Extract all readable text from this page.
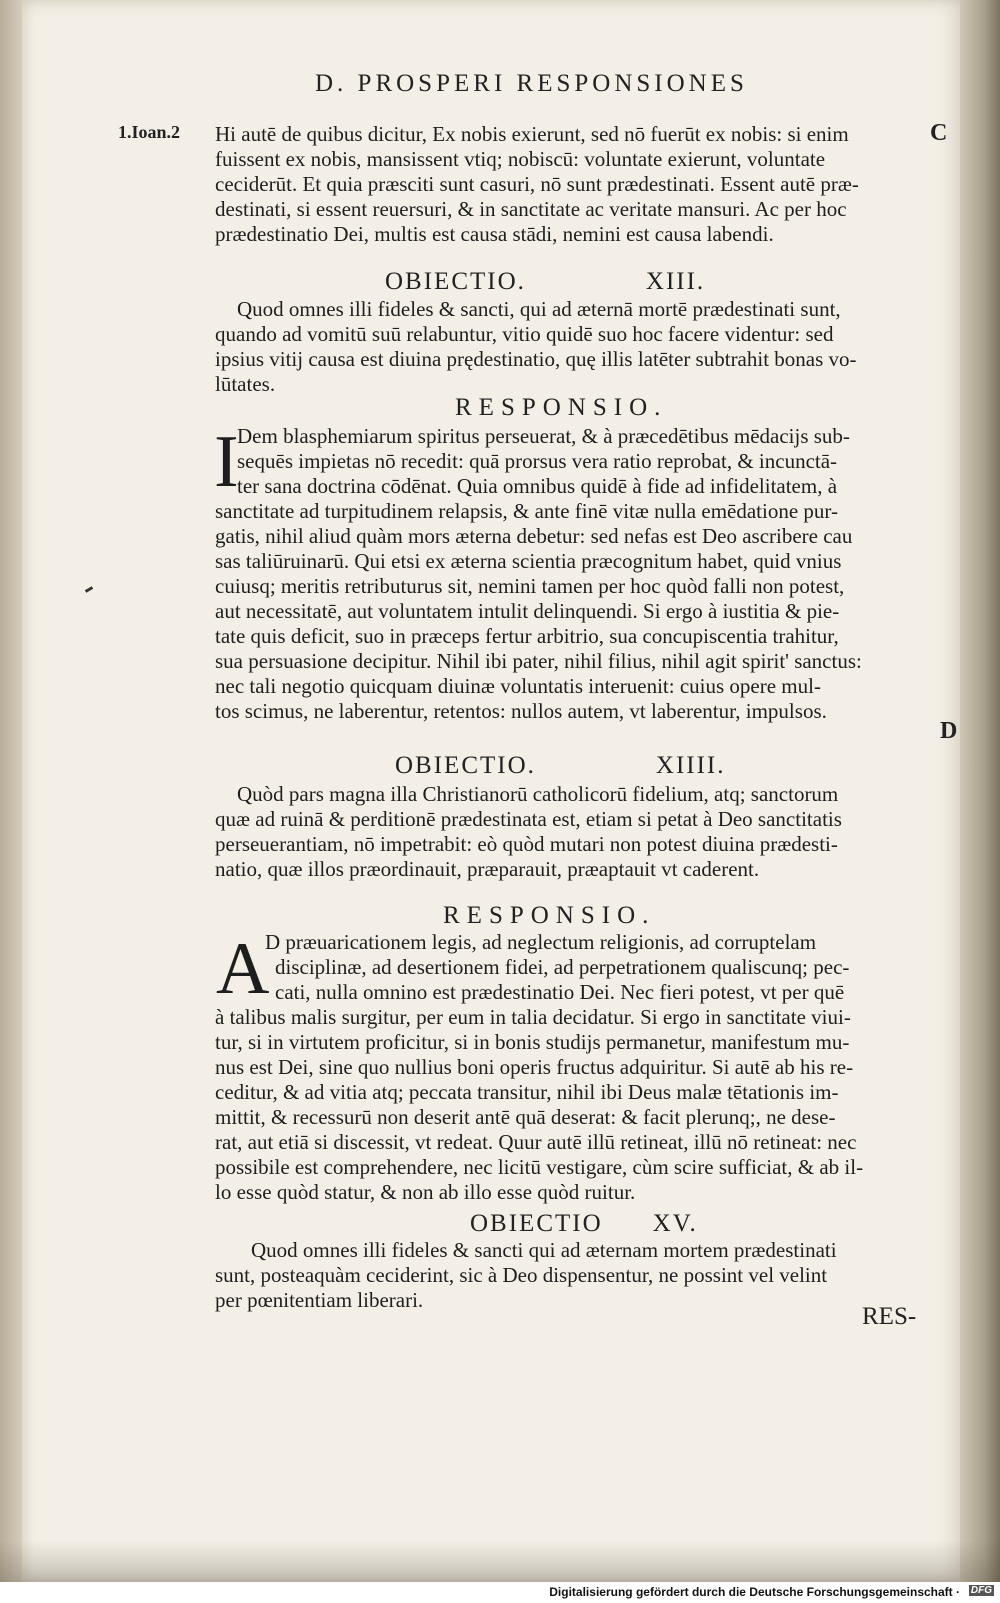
D. PROSPERI RESPONSIONES
1.Ioan.2	C
D
Hi autē de quibus dicitur, Ex nobis exierunt, sed nō fuerūt ex nobis: si enim
fuissent ex nobis, mansissent vtiq; nobiscū: voluntate exierunt, voluntate
ceciderūt. Et quia præsciti sunt casuri, nō sunt prædestinati. Essent autē præ-
destinati, si essent reuersuri, & in sanctitate ac veritate mansuri. Ac per hoc
prædestinatio Dei, multis est causa stādi, nemini est causa labendi.
OBIECTIO.	XIII.
Quod omnes illi fideles & sancti, qui ad æternā mortē prædestinati sunt,
quando ad vomitū suū relabuntur, vitio quidē suo hoc facere videntur: sed
ipsius vitij causa est diuina prędestinatio, quę illis latēter subtrahit bonas vo-
lūtates.
RESPONSIO.
I
Dem blasphemiarum spiritus perseuerat, & à præcedētibus mēdacijs sub-
sequēs impietas nō recedit: quā prorsus vera ratio reprobat, & incunctā-
ter sana doctrina cōdēnat. Quia omnibus quidē à fide ad infidelitatem, à
sanctitate ad turpitudinem relapsis, & ante finē vitæ nulla emēdatione pur-
gatis, nihil aliud quàm mors æterna debetur: sed nefas est Deo ascribere cau
sas taliūruinarū. Qui etsi ex æterna scientia præcognitum habet, quid vnius
cuiusq; meritis retributurus sit, nemini tamen per hoc quòd falli non potest,
aut necessitatē, aut voluntatem intulit delinquendi. Si ergo à iustitia & pie-
tate quis deficit, suo in præceps fertur arbitrio, sua concupiscentia trahitur,
sua persuasione decipitur. Nihil ibi pater, nihil filius, nihil agit spirit' sanctus:
nec tali negotio quicquam diuinæ voluntatis interuenit: cuius opere mul-
tos scimus, ne laberentur, retentos: nullos autem, vt laberentur, impulsos.
OBIECTIO.	XIIII.
Quòd pars magna illa Christianorū catholicorū fidelium, atq; sanctorum
quæ ad ruinā & perditionē prædestinata est, etiam si petat à Deo sanctitatis
perseuerantiam, nō impetrabit: eò quòd mutari non potest diuina prædesti-
natio, quæ illos præordinauit, præparauit, præaptauit vt caderent.
RESPONSIO.
A
D præuaricationem legis, ad neglectum religionis, ad corruptelam
disciplinæ, ad desertionem fidei, ad perpetrationem qualiscunq; pec-
cati, nulla omnino est prædestinatio Dei. Nec fieri potest, vt per quē
à talibus malis surgitur, per eum in talia decidatur. Si ergo in sanctitate viui-
tur, si in virtutem proficitur, si in bonis studijs permanetur, manifestum mu-
nus est Dei, sine quo nullius boni operis fructus adquiritur. Si autē ab his re-
ceditur, & ad vitia atq; peccata transitur, nihil ibi Deus malæ tētationis im-
mittit, & recessurū non deserit antē quā deserat: & facit plerunq;, ne dese-
rat, aut etiā si discessit, vt redeat. Quur autē illū retineat, illū nō retineat: nec
possibile est comprehendere, nec licitū vestigare, cùm scire sufficiat, & ab il-
lo esse quòd statur, & non ab illo esse quòd ruitur.
OBIECTIO XV.
Quod omnes illi fideles & sancti qui ad æternam mortem prædestinati
sunt, posteaquàm ceciderint, sic à Deo dispensentur, ne possint vel velint
per pœnitentiam liberari.
RES-
Digitalisierung gefördert durch die Deutsche Forschungsgemeinschaft · DFG
